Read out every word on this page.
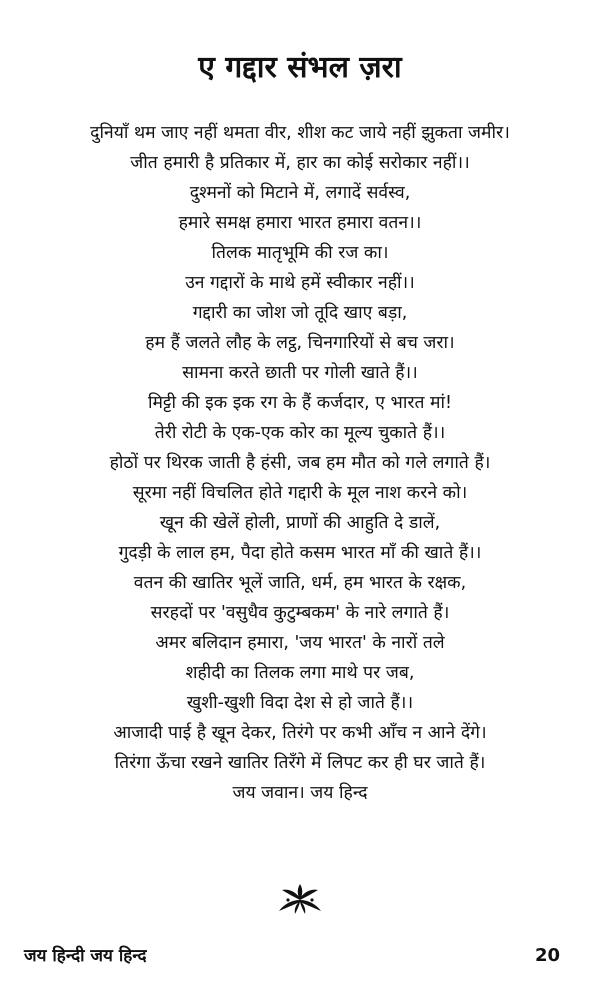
ए गद्दार संभल ज़रा
दुनियाँ थम जाए नहीं थमता वीर, शीश कट जाये नहीं झुकता जमीर।
जीत हमारी है प्रतिकार में, हार का कोई सरोकार नहीं।।
दुश्मनों को मिटाने में, लगादें सर्वस्व,
हमारे समक्ष हमारा भारत हमारा वतन।।
तिलक मातृभूमि की रज का।
उन गद्दारों के माथे हमें स्वीकार नहीं।।
गद्दारी का जोश जो तूदि खाए बड़ा,
हम हैं जलते लौह के लट्ठ, चिनगारियों से बच जरा।
सामना करते छाती पर गोली खाते हैं।।
मिट्टी की इक इक रग के हैं कर्जदार, ए भारत मां!
तेरी रोटी के एक-एक कोर का मूल्य चुकाते हैं।।
होठों पर थिरक जाती है हंसी, जब हम मौत को गले लगाते हैं।
सूरमा नहीं विचलित होते गद्दारी के मूल नाश करने को।
खून की खेलें होली, प्राणों की आहुति दे डालें,
गुदड़ी के लाल हम, पैदा होते कसम भारत माँ की खाते हैं।।
वतन की खातिर भूलें जाति, धर्म, हम भारत के रक्षक,
सरहदों पर 'वसुधैव कुटुम्बकम' के नारे लगाते हैं।
अमर बलिदान हमारा, 'जय भारत' के नारों तले
शहीदी का तिलक लगा माथे पर जब,
खुशी-खुशी विदा देश से हो जाते हैं।।
आजादी पाई है खून देकर, तिरंगे पर कभी आँच न आने देंगे।
तिरंगा ऊँचा रखने खातिर तिरँगे में लिपट कर ही घर जाते हैं।
जय जवान। जय हिन्द
जय हिन्दी जय हिन्द	20
